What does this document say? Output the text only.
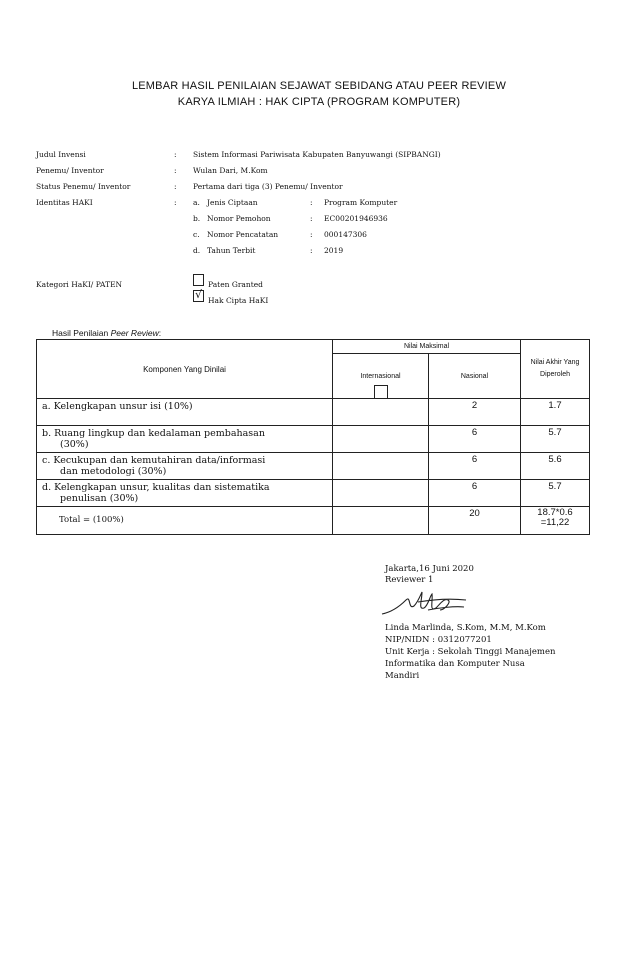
LEMBAR HASIL PENILAIAN SEJAWAT SEBIDANG ATAU PEER REVIEW
KARYA ILMIAH : HAK CIPTA (PROGRAM KOMPUTER)
Judul Invensi	: Sistem Informasi Pariwisata Kabupaten Banyuwangi (SIPBANGI)
Penemu/ Inventor	: Wulan Dari, M.Kom
Status Penemu/ Inventor	: Pertama dari tiga (3) Penemu/ Inventor
Identitas HAKI	: a. Jenis Ciptaan	: Program Komputer
b. Nomor Pemohon	: EC00201946936
c. Nomor Pencatatan	: 000147306
d. Tahun Terbit	: 2019
Kategori HaKI/ PATEN	Paten Granted
√ Hak Cipta HaKI
Hasil Penilaian Peer Review:
Komponen Yang Dinilai	Nilai Maksimal		Nilai Akhir Yang Diperoleh
	Internasional	Nasional	
a. Kelengkapan unsur isi (10%)		2	1.7
b. Ruang lingkup dan kedalaman pembahasan
(30%)		6	5.7
c. Kecukupan dan kemutahiran data/informasi
dan metodologi (30%)		6	5.6
d. Kelengkapan unsur, kualitas dan sistematika
penulisan (30%)		6	5.7
Total = (100%)		20	18.7*0.6
=11,22
Jakarta,16 Juni 2020
Reviewer 1
Linda Marlinda, S.Kom, M.M, M.Kom
NIP/NIDN : 0312077201
Unit Kerja : Sekolah Tinggi Manajemen
Informatika dan Komputer Nusa
Mandiri
